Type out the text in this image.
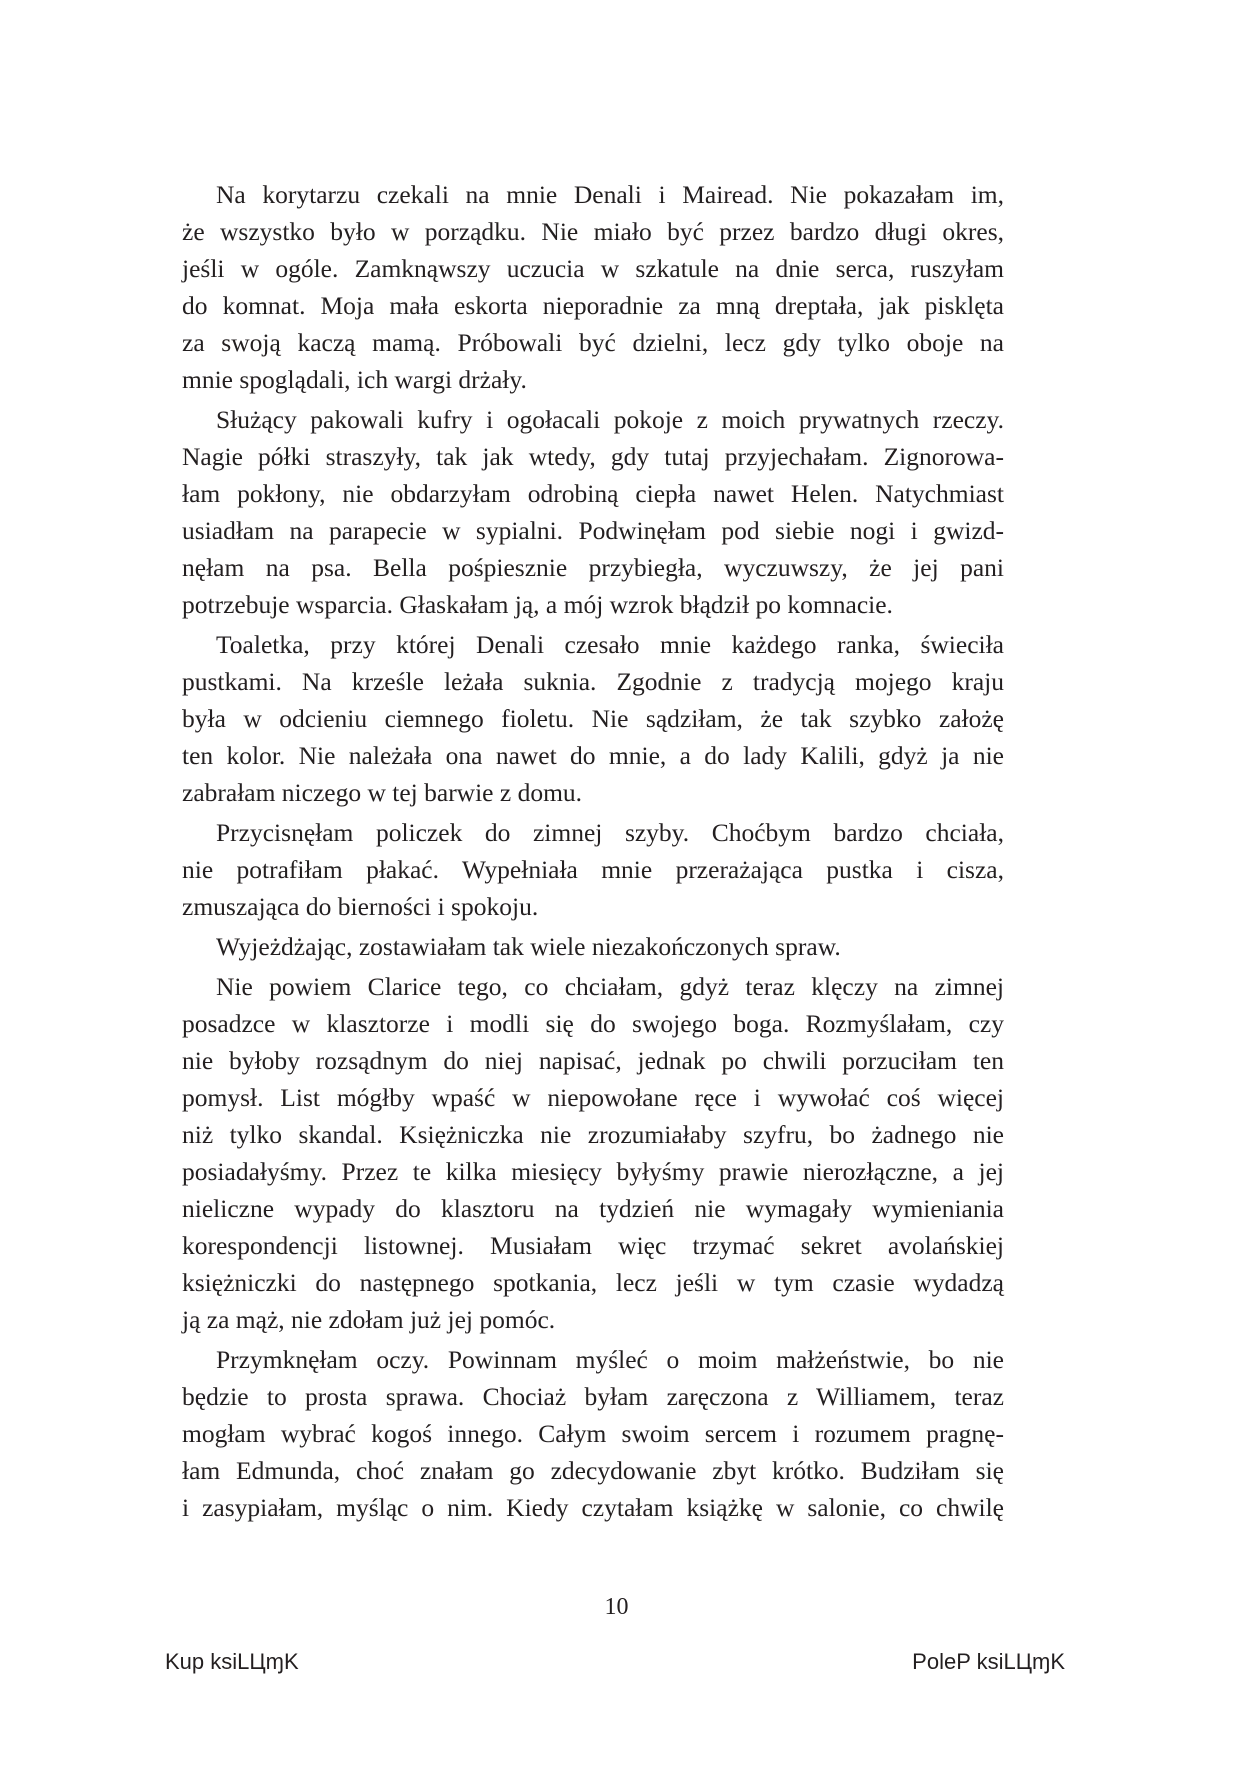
Na korytarzu czekali na mnie Denali i Mairead. Nie pokazałam im,
że wszystko było w porządku. Nie miało być przez bardzo długi okres,
jeśli w ogóle. Zamknąwszy uczucia w szkatule na dnie serca, ruszyłam
do komnat. Moja mała eskorta nieporadnie za mną dreptała, jak pisklęta
za swoją kaczą mamą. Próbowali być dzielni, lecz gdy tylko oboje na
mnie spoglądali, ich wargi drżały.
Służący pakowali kufry i ogołacali pokoje z moich prywatnych rzeczy.
Nagie półki straszyły, tak jak wtedy, gdy tutaj przyjechałam. Zignorowa-
łam pokłony, nie obdarzyłam odrobiną ciepła nawet Helen. Natychmiast
usiadłam na parapecie w sypialni. Podwinęłam pod siebie nogi i gwizd-
nęłam na psa. Bella pośpiesznie przybiegła, wyczuwszy, że jej pani
potrzebuje wsparcia. Głaskałam ją, a mój wzrok błądził po komnacie.
Toaletka, przy której Denali czesało mnie każdego ranka, świeciła
pustkami. Na krześle leżała suknia. Zgodnie z tradycją mojego kraju
była w odcieniu ciemnego fioletu. Nie sądziłam, że tak szybko założę
ten kolor. Nie należała ona nawet do mnie, a do lady Kalili, gdyż ja nie
zabrałam niczego w tej barwie z domu.
Przycisnęłam policzek do zimnej szyby. Choćbym bardzo chciała,
nie potrafiłam płakać. Wypełniała mnie przerażająca pustka i cisza,
zmuszająca do bierności i spokoju.
Wyjeżdżając, zostawiałam tak wiele niezakończonych spraw.
Nie powiem Clarice tego, co chciałam, gdyż teraz klęczy na zimnej
posadzce w klasztorze i modli się do swojego boga. Rozmyślałam, czy
nie byłoby rozsądnym do niej napisać, jednak po chwili porzuciłam ten
pomysł. List mógłby wpaść w niepowołane ręce i wywołać coś więcej
niż tylko skandal. Księżniczka nie zrozumiałaby szyfru, bo żadnego nie
posiadałyśmy. Przez te kilka miesięcy byłyśmy prawie nierozłączne, a jej
nieliczne wypady do klasztoru na tydzień nie wymagały wymieniania
korespondencji listownej. Musiałam więc trzymać sekret avolańskiej
księżniczki do następnego spotkania, lecz jeśli w tym czasie wydadzą
ją za mąż, nie zdołam już jej pomóc.
Przymknęłam oczy. Powinnam myśleć o moim małżeństwie, bo nie
będzie to prosta sprawa. Chociaż byłam zaręczona z Williamem, teraz
mogłam wybrać kogoś innego. Całym swoim sercem i rozumem pragnę-
łam Edmunda, choć znałam go zdecydowanie zbyt krótko. Budziłam się
i zasypiałam, myśląc o nim. Kiedy czytałam książkę w salonie, co chwilę
10
Kup ksiLЦɱK	PoleP ksiLЦɱK
